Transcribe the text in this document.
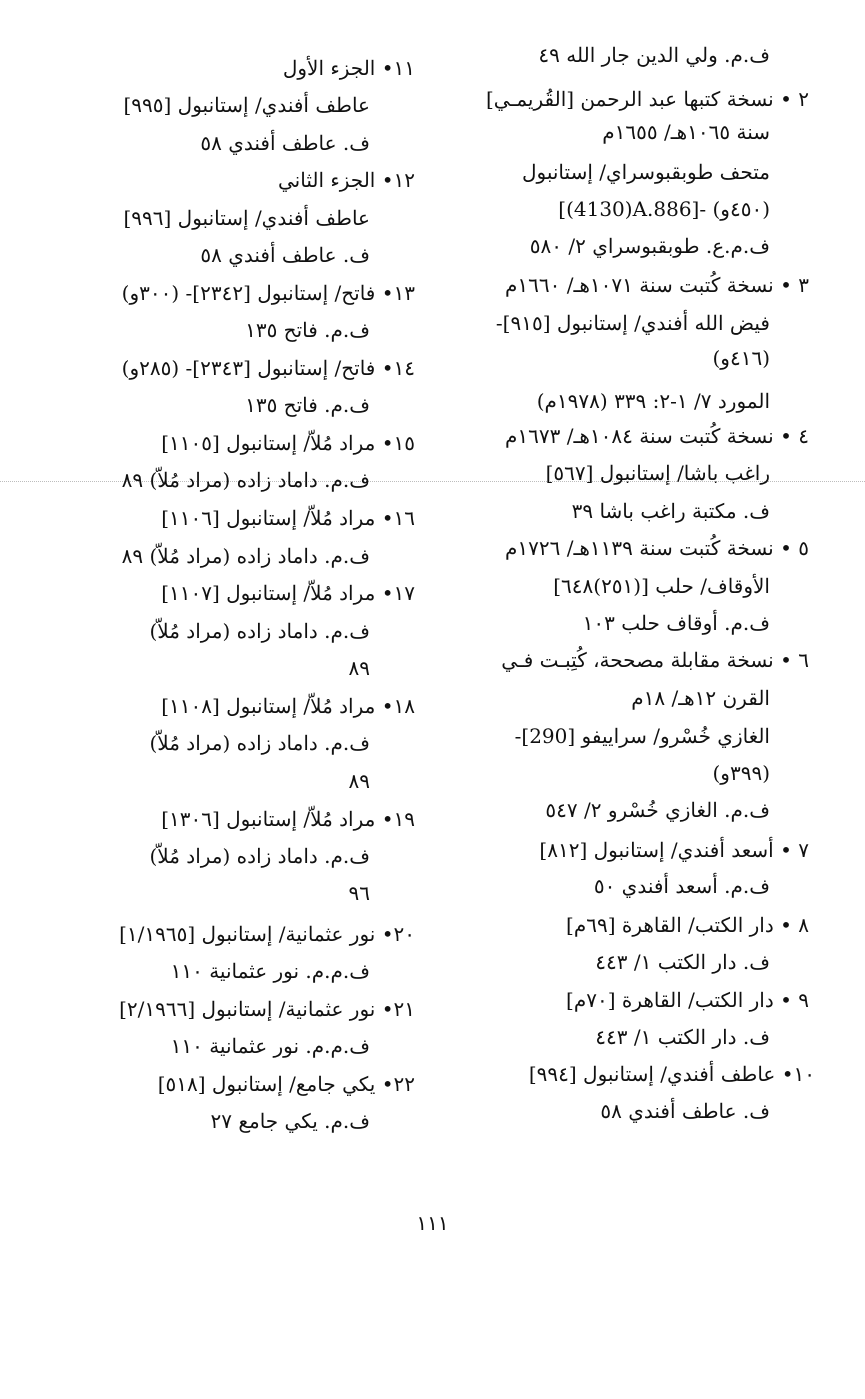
ف.م. ولي الدين جار الله ٤٩
٢ • نسخة كتبها عبد الرحمن [القُريمـي]
سنة ١٠٦٥هـ/ ١٦٥٥م
متحف طوبقبوسراي/ إستانبول
[(4130)A.886]- (٤٥٠و)
ف.م.ع. طوبقبوسراي ٢/ ٥٨٠
٣ • نسخة كُتبت سنة ١٠٧١هـ/ ١٦٦٠م
فيض الله أفندي/ إستانبول [٩١٥]-
(٤١٦و)
المورد ٧/ ١-٢: ٣٣٩ (١٩٧٨م)
٤ • نسخة كُتبت سنة ١٠٨٤هـ/ ١٦٧٣م
راغب باشا/ إستانبول [٥٦٧]
ف. مكتبة راغب باشا ٣٩
٥ • نسخة كُتبت سنة ١١٣٩هـ/ ١٧٢٦م
الأوقاف/ حلب [(٢٥١)٦٤٨]
ف.م. أوقاف حلب ١٠٣
٦ • نسخة مقابلة مصححة، كُتِبـت فـي
القرن ١٢هـ/ ١٨م
الغازي خُسْرو/ سراييفو [290]-
(٣٩٩و)
ف.م. الغازي خُسْرو ٢/ ٥٤٧
٧ • أسعد أفندي/ إستانبول [٨١٢]
ف.م. أسعد أفندي ٥٠
٨ • دار الكتب/ القاهرة [٦٩م]
ف. دار الكتب ١/ ٤٤٣
٩ • دار الكتب/ القاهرة [٧٠م]
ف. دار الكتب ١/ ٤٤٣
١٠• عاطف أفندي/ إستانبول [٩٩٤]
ف. عاطف أفندي ٥٨
١١• الجزء الأول
عاطف أفندي/ إستانبول [٩٩٥]
ف. عاطف أفندي ٥٨
١٢• الجزء الثاني
عاطف أفندي/ إستانبول [٩٩٦]
ف. عاطف أفندي ٥٨
١٣• فاتح/ إستانبول [٢٣٤٢]- (٣٠٠و)
ف.م. فاتح ١٣٥
١٤• فاتح/ إستانبول [٢٣٤٣]- (٢٨٥و)
ف.م. فاتح ١٣٥
١٥• مراد مُلاّ/ إستانبول [١١٠٥]
ف.م. داماد زاده (مراد مُلاّ) ٨٩
١٦• مراد مُلاّ/ إستانبول [١١٠٦]
ف.م. داماد زاده (مراد مُلاّ) ٨٩
١٧• مراد مُلاّ/ إستانبول [١١٠٧]
ف.م. داماد زاده (مراد مُلاّ)
٨٩
١٨• مراد مُلاّ/ إستانبول [١١٠٨]
ف.م. داماد زاده (مراد مُلاّ)
٨٩
١٩• مراد مُلاّ/ إستانبول [١٣٠٦]
ف.م. داماد زاده (مراد مُلاّ)
٩٦
٢٠• نور عثمانية/ إستانبول [١/١٩٦٥]
ف.م.م. نور عثمانية ١١٠
٢١• نور عثمانية/ إستانبول [٢/١٩٦٦]
ف.م.م. نور عثمانية ١١٠
٢٢• يكي جامع/ إستانبول [٥١٨]
ف.م. يكي جامع ٢٧
١١١
